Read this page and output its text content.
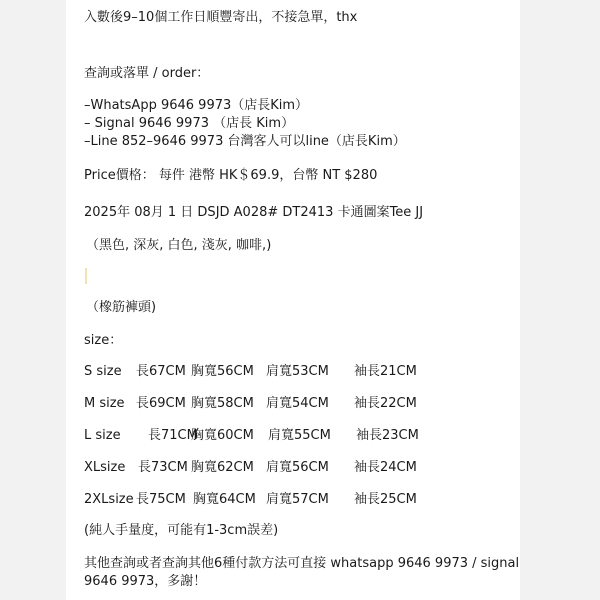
入數後9–10個工作日順豐寄出，不接急單，thx
查詢或落單 / order：
–WhatsApp 9646 9973（店長Kim）
– Signal 9646 9973 （店長 Kim）
–Line 852–9646 9973 台灣客人可以line（店長Kim）
Price價格： 每件 港幣 HK＄69.9，台幣 NT $280
2025年 08月 1 日 DSJD A028# DT2413 卡通圖案Tee JJ
（黑色, 深灰, 白色, 淺灰, 咖啡,)
（橡筋褲頭)
size：
S size 長67CM 胸寬56CM 肩寬53CM 袖長21CM
M size 長69CM 胸寬58CM 肩寬54CM 袖長22CM
L size 長71CM
胸寬60CM 肩寬55CM 袖長23CM
XLsize 長73CM 胸寬62CM 肩寬56CM 袖長24CM
2XLsize 長75CM 胸寬64CM 肩寬57CM 袖長25CM
(純人手量度，可能有1-3cm誤差)
其他查詢或者查詢其他6種付款方法可直接 whatsapp 9646 9973 / signal
9646 9973，多謝！
